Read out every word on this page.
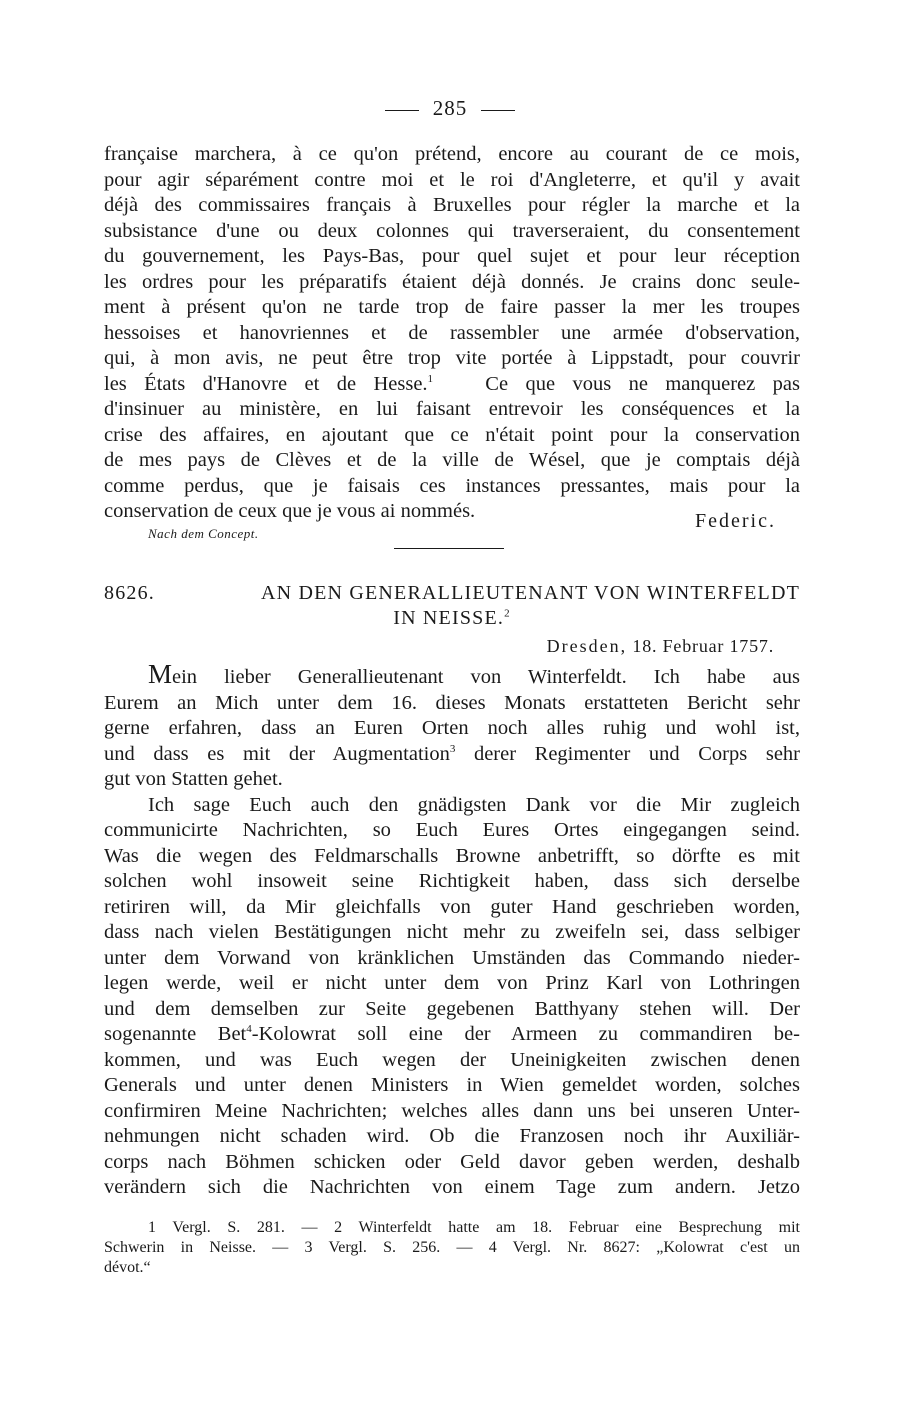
285
française marchera, à ce qu'on prétend, encore au courant de ce mois,
pour agir séparément contre moi et le roi d'Angleterre, et qu'il y avait
déjà des commissaires français à Bruxelles pour régler la marche et la
subsistance d'une ou deux colonnes qui traverseraient, du consentement
du gouvernement, les Pays-Bas, pour quel sujet et pour leur réception
les ordres pour les préparatifs étaient déjà donnés. Je crains donc seule-
ment à présent qu'on ne tarde trop de faire passer la mer les troupes
hessoises et hanovriennes et de rassembler une armée d'observation,
qui, à mon avis, ne peut être trop vite portée à Lippstadt, pour couvrir
les États d'Hanovre et de Hesse.$^1$	Ce que vous ne manquerez pas
d'insinuer au ministère, en lui faisant entrevoir les conséquences et la
crise des affaires, en ajoutant que ce n'était point pour la conservation
de mes pays de Clèves et de la ville de Wésel, que je comptais déjà
comme perdus, que je faisais ces instances pressantes, mais pour la
conservation de ceux que je vous ai nommés.	Federic.
Nach dem Concept.
8626.	AN DEN GENERALLIEUTENANT VON WINTERFELDT
IN NEISSE.$^2$
Dresden, 18. Februar 1757.
Mein lieber Generallieutenant von Winterfeldt. Ich habe aus
Eurem an Mich unter dem 16. dieses Monats erstatteten Bericht sehr
gerne erfahren, dass an Euren Orten noch alles ruhig und wohl ist,
und dass es mit der Augmentation$^3$ derer Regimenter und Corps sehr
gut von Statten gehet.
Ich sage Euch auch den gnädigsten Dank vor die Mir zugleich
communicirte Nachrichten, so Euch Eures Ortes eingegangen seind.
Was die wegen des Feldmarschalls Browne anbetrifft, so dörfte es mit
solchen wohl insoweit seine Richtigkeit haben, dass sich derselbe
retiriren will, da Mir gleichfalls von guter Hand geschrieben worden,
dass nach vielen Bestätigungen nicht mehr zu zweifeln sei, dass selbiger
unter dem Vorwand von kränklichen Umständen das Commando nieder-
legen werde, weil er nicht unter dem von Prinz Karl von Lothringen
und dem demselben zur Seite gegebenen Batthyany stehen will. Der
sogenannte Bet$^4$-Kolowrat soll eine der Armeen zu commandiren be-
kommen, und was Euch wegen der Uneinigkeiten zwischen denen
Generals und unter denen Ministers in Wien gemeldet worden, solches
confirmiren Meine Nachrichten; welches alles dann uns bei unseren Unter-
nehmungen nicht schaden wird. Ob die Franzosen noch ihr Auxiliär-
corps nach Böhmen schicken oder Geld davor geben werden, deshalb
verändern sich die Nachrichten von einem Tage zum andern. Jetzo
1 Vergl. S. 281. — 2 Winterfeldt hatte am 18. Februar eine Besprechung mit
Schwerin in Neisse. — 3 Vergl. S. 256. — 4 Vergl. Nr. 8627: „Kolowrat c'est un
dévot.“
